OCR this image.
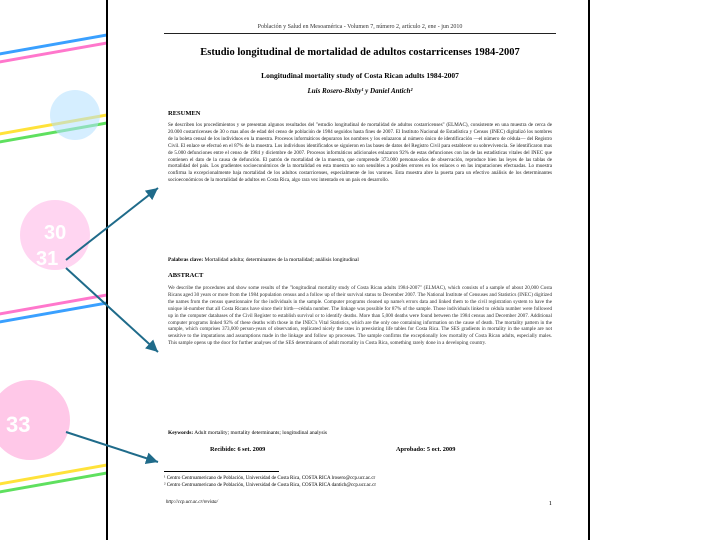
30
31
33
Población y Salud en Mesoamérica - Volumen 7, número 2, artículo 2, ene - jun 2010
Estudio longitudinal de mortalidad de adultos costarricenses 1984-2007
Longitudinal mortality study of Costa Rican adults 1984-2007
Luis Rosero-Bixby¹ y Daniel Antich²
RESUMEN
Se describen los procedimientos y se presentan algunos resultados del "estudio longitudinal de mortalidad de adultos costarricenses" (ELMAC), consistente en una muestra de cerca de 20.000 costarricenses de 30 o mas años de edad del censo de población de 1984 seguidos hasta fines de 2007. El Instituto Nacional de Estadística y Censos (INEC) digitalizó los nombres de la boleta censal de los individuos en la muestra. Procesos informáticos depuraron los nombres y los enlazaron al número único de identificación —el número de cédula— del Registro Civil. El enlace se efectuó en el 87% de la muestra. Los individuos identificados se siguieron en las bases de datos del Registro Civil para establecer su sobrevivencia. Se identificaron mas de 5.000 defunciones entre el censo de 1984 y diciembre de 2007. Procesos informáticos adicionales enlazaron 92% de estas defunciones con las de las estadísticas vitales del INEC que contienen el dato de la causa de defunción. El patrón de mortalidad de la muestra, que comprende 373.000 personas-años de observación, reproduce bien las leyes de las tablas de mortalidad del país. Los gradientes socioeconómicos de la mortalidad en esta muestra no son sensibles a posibles errores en los enlaces o en las imputaciones efectuadas. Lo muestra confirma la excepcionalmente baja mortalidad de los adultos costarricenses, especialmente de los varones. Esta muestra abre la puerta para un efectivo análisis de los determinantes socioeconómicos de la mortalidad de adultos en Costa Rica, algo rara vez intentado en un país en desarrollo.
Palabras clave: Mortalidad adulta; determinantes de la mortalidad; análisis longitudinal
ABSTRACT
We describe the procedures and show some results of the "longitudinal mortality study of Costa Rican adults 1984-2007" (ELMAC), which consists of a sample of about 20,000 Costa Ricans aged 30 years or more from the 1984 population census and a follow up of their survival status to December 2007. The National Institute of Censuses and Statistics (INEC) digitized the names from the census questionnaire for the individuals in the sample. Computer programs cleaned up name's errors data and linked them to the civil registration system to have the unique id-number that all Costa Ricans have since their birth—cédula number. The linkage was possible for 87% of the sample. Those individuals linked to cédula number were followed up in the computer databases of the Civil Register to establish survival or to identify deaths. More than 5,000 deaths were found between the 1984 census and December 2007. Additional computer programs linked 92% of these deaths with those in the INEC's Vital Statistics, which are the only one containing information on the cause of death. The mortality pattern in the sample, which comprises 373,000 person-years of observation, replicated nicely the rates in preexisting life tables for Costa Rica. The SES gradients in mortality in the sample are not sensitive to the imputations and assumptions made in the linkage and follow up processes. The sample confirms the exceptionally low mortality of Costa Rican adults, especially males. This sample opens up the door for further analyses of the SES determinants of adult mortality in Costa Rica, something rarely done in a developing country.
Keywords: Adult mortality; mortality determinants; longitudinal analysis
Recibido: 6 set. 2009	Aprobado: 5 oct. 2009
¹ Centro Centroamericano de Población, Universidad de Costa Rica, COSTA RICA lrosero@ccp.ucr.ac.cr
² Centro Centroamericano de Población, Universidad de Costa Rica, COSTA RICA dantich@ccp.ucr.ac.cr
http://ccp.ucr.ac.cr/revista/	1
